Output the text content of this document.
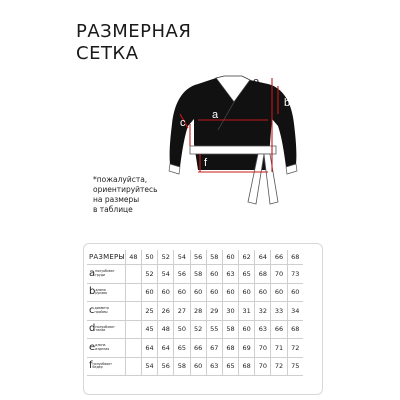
РАЗМЕРНАЯ
СЕТКА
a
b
c
d
e
f
*пожалуйста,
ориентируйтесь
на размеры
в таблице
РАЗМЕРЫ	48	50	52	54	56	58	60	62	64	66	68
aполуобхват груди		52	54	56	58	60	63	65	68	70	73
bдлина рукава		60	60	60	60	60	60	60	60	60	60
cдиаметр проймы		25	26	27	28	29	30	31	32	33	34
dполуобхват талии		45	48	50	52	55	58	60	63	66	68
eдлина изделия		64	64	65	66	67	68	69	70	71	72
fполуобхват бедер		54	56	58	60	63	65	68	70	72	75
